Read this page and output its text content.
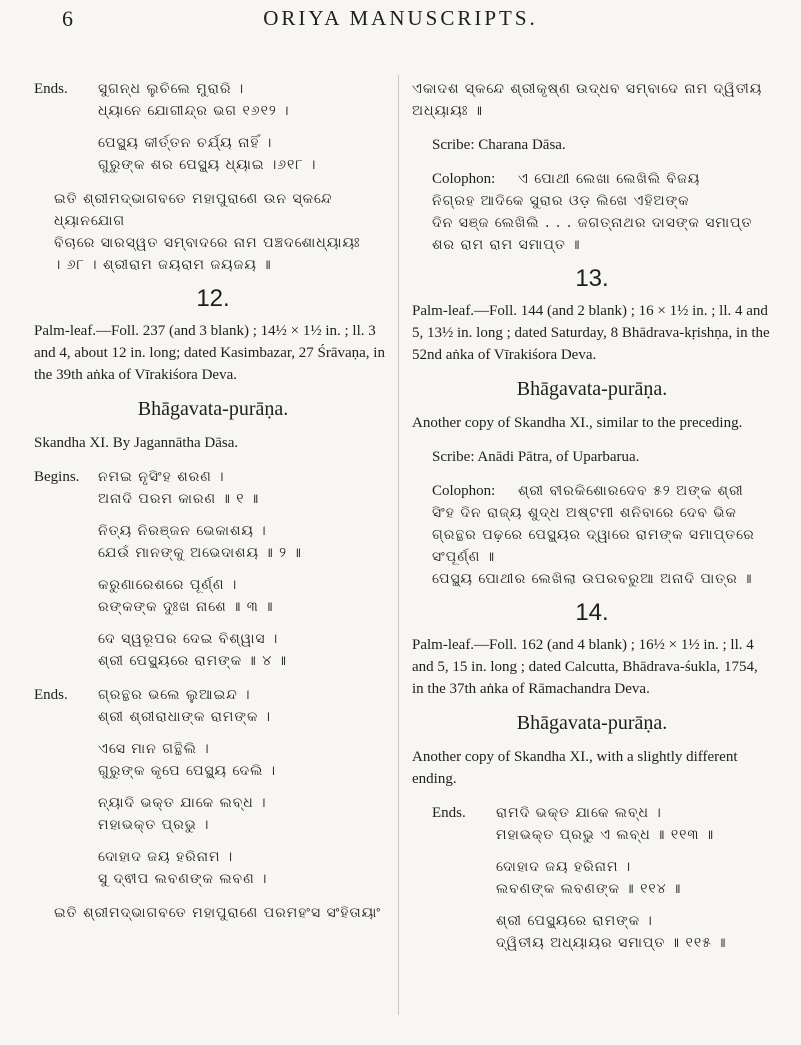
6	ORIYA MANUSCRIPTS.
Ends.	ସୁଗନ୍ଧ ଲୁଚିଲେ ମୁରାରି ।

ଧ୍ୟାନେ ଯୋଗୀନ୍ଦ୍ର ଭଗ ୧୬୧୨ ।

ପେସ୍ଥ୍ୟ କୀର୍ତ୍ତନ ଚର୍ଯ୍ୟ ନାହିଁ ।

ଗୁରୁଙ୍କ ଶର ପେସ୍ଥ୍ୟ ଧ୍ୟାଇ ।୬୧୮ ।

ଇତି ଶ୍ରୀମଦ୍ଭାଗବତେ ମହାପୁରାଣେ ଉନ ସ୍କନ୍ଦେ ଧ୍ୟାନଯୋଗ

ବିଚାରେ ସାରସ୍ୱତ ସମ୍ବାଦରେ ନାମ ପଞ୍ଚଦଶୋଧ୍ୟାୟଃ

। ୬୮ । ଶ୍ରୀରାମ ଜୟରାମ ଜୟଜୟ ॥

12.

Palm-leaf.—Foll. 237 (and 3 blank) ; 14½ × 1½ in. ; ll. 3 and 4, about 12 in. long; dated Kasimbazar, 27 Śrāvaṇa, in the 39th aṅka of Vīrakiśora Deva.

Bhāgavata-purāṇa.

Skandha XI. By Jagannātha Dāsa.

Begins.	ନମଇ ନୃସିଂହ ଶରଣ ।

ଅନାଦି ପରମ କାରଣ ॥ ୧ ॥

ନିତ୍ୟ ନିରଞ୍ଜନ ଭେକାଶୟ ।

ଯେଉଁ ମାନଙ୍କୁ ଅଭେଦାଶୟ ॥ ୨ ॥

କରୁଣାରେଶରେ ପୂର୍ଣ୍ଣ ।

ରଙ୍କଙ୍କ ଦୁଃଖ ନାଶେ ॥ ୩ ॥

ଦେ ସ୍ୱରୂପର ଦେଇ ବିଶ୍ୱାସ ।

ଶ୍ରୀ ପେସ୍ଥ୍ୟରେ ରାମଙ୍କ ॥ ୪ ॥

Ends.	ଗ୍ରନ୍ଥର ଭଲେ ଲୁଆଇନ୍ଦ ।

ଶ୍ରୀ ଶ୍ରୀରାଧାଙ୍କ ରାମଙ୍କ ।

ଏସେ ମାନ ଗନ୍ଥିଲି ।

ଗୁରୁଙ୍କ କୃପେ ପେସ୍ଥ୍ୟ ଦେଲି ।

ନ୍ୟାଦି ଭକ୍ତ ଯାକେ ଲବ୍ଧ ।

ମହାଭକ୍ତ ପ୍ରଭୁ ।

ଦୋହାଦ ଜୟ ହରିନାମ ।

ସୁ ଦ୍ଵୀପ ଲବଣଙ୍କ ଲବଣ ।

ଇତି ଶ୍ରୀମଦ୍ଭାଗବତେ ମହାପୁରାଣେ ପରମହଂସ ସଂହିତାୟାଂ

ଏକାଦଶ ସ୍କନ୍ଦେ ଶ୍ରୀକୃଷ୍ଣ ଉଦ୍ଧବ ସମ୍ବାଦେ ନାମ ଦ୍ୱିତୀୟ

ଅଧ୍ୟାୟଃ ॥

Scribe: Charana Dāsa.

Colophon:	ଏ ପୋଥୀ ଲେଖା ଲେଖିଲି ବିଜୟ

ନିଗ୍ରହ ଆଦିକେ ସୁରାର ଓଡ଼ ଲିଖେ ଏହିଅଙ୍କ

ଦିନ ସଞ୍ଜ ଲେଖିଲି . . . ଜଗତ୍ନାଥର ଦାସଙ୍କ ସମାପ୍ତ

ଶର ରାମ ରାମ ସମାପ୍ତ ॥

13.

Palm-leaf.—Foll. 144 (and 2 blank) ; 16 × 1½ in. ; ll. 4 and 5, 13½ in. long ; dated Saturday, 8 Bhādrava-kṛishṇa, in the 52nd aṅka of Vīrakiśora Deva.

Bhāgavata-purāṇa.

Another copy of Skandha XI., similar to the preceding.

Scribe: Anādi Pātra, of Uparbarua.

Colophon:	ଶ୍ରୀ ବୀରକିଶୋରଦେବ ୫୨ ଅଙ୍କ ଶ୍ରୀ

ସିଂହ ଦିନ ରାଜ୍ୟ ଶୁଦ୍ଧ ଅଷ୍ଟମୀ ଶନିବାରେ ଦେବ ଭିକ

ଗ୍ରନ୍ଥର ପଢ଼ରେ ପେସ୍ଥ୍ୟର ଦ୍ୱାରେ ରାମଙ୍କ ସମାପ୍ତରେ ସଂପୂର୍ଣ୍ଣ ॥

ପେସ୍ଥ୍ୟ ପୋଥୀର ଲେଖିଲା ଉପରବରୁଆ ଅନାଦି ପାତ୍ର ॥

14.

Palm-leaf.—Foll. 162 (and 4 blank) ; 16½ × 1½ in. ; ll. 4 and 5, 15 in. long ; dated Calcutta, Bhādrava-śukla, 1754, in the 37th aṅka of Rāmachandra Deva.

Bhāgavata-purāṇa.

Another copy of Skandha XI., with a slightly different ending.

Ends.	ରାମଦି ଭକ୍ତ ଯାକେ ଲବ୍ଧ ।

ମହାଭକ୍ତ ପ୍ରଭୁ ଏ ଲବ୍ଧ ॥ ୧୧୩ ॥

ଦୋହାଦ ଜୟ ହରିନାମ ।

ଲବଣଙ୍କ ଲବଣଙ୍କ ॥ ୧୧୪ ॥

ଶ୍ରୀ ପେସ୍ଥ୍ୟରେ ରାମଙ୍କ ।

ଦ୍ୱିତୀୟ ଅଧ୍ୟାୟର ସମାପ୍ତ ॥ ୧୧୫ ॥
